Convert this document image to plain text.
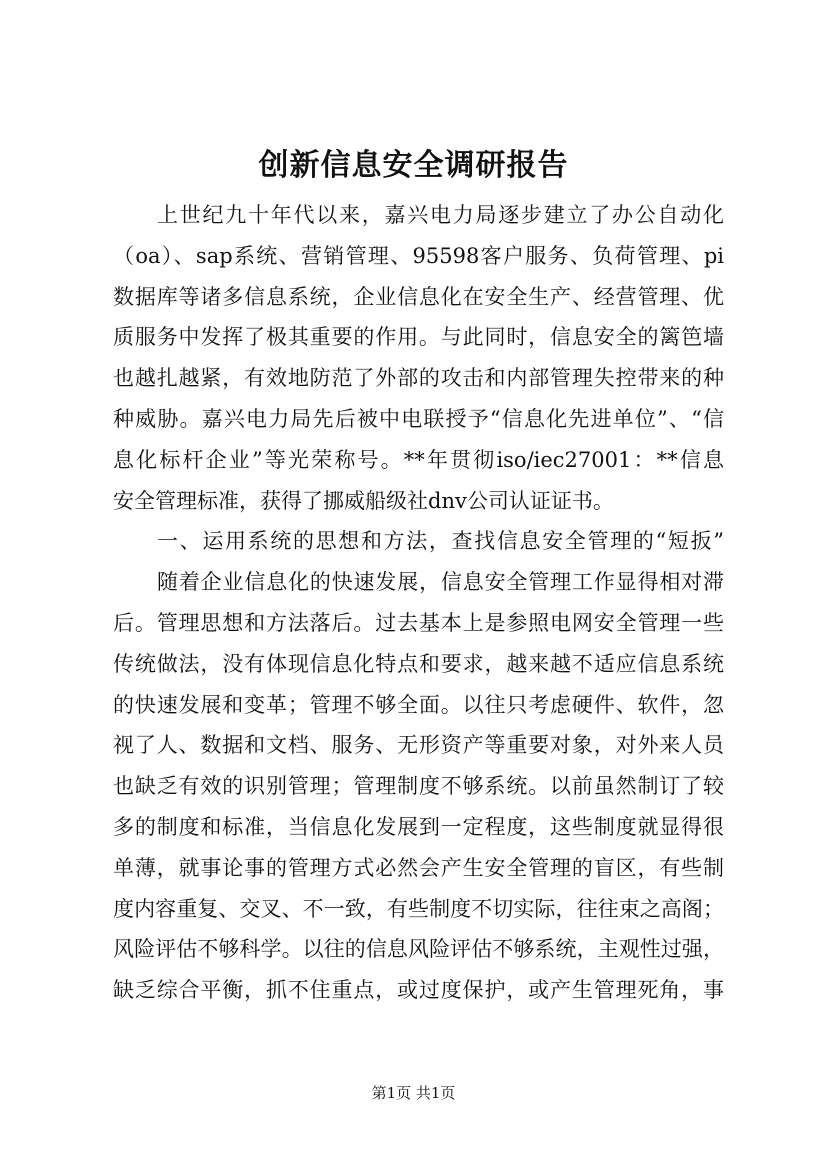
创新信息安全调研报告
上世纪九十年代以来，嘉兴电力局逐步建立了办公自动化
（oa）、sap系统、营销管理、95598客户服务、负荷管理、pi
数据库等诸多信息系统，企业信息化在安全生产、经营管理、优
质服务中发挥了极其重要的作用。与此同时，信息安全的篱笆墙
也越扎越紧，有效地防范了外部的攻击和内部管理失控带来的种
种威胁。嘉兴电力局先后被中电联授予“信息化先进单位”、“信
息化标杆企业”等光荣称号。**年贯彻iso/iec27001：**信息
安全管理标准，获得了挪威船级社dnv公司认证证书。
一、运用系统的思想和方法，查找信息安全管理的“短扳”
随着企业信息化的快速发展，信息安全管理工作显得相对滞
后。管理思想和方法落后。过去基本上是参照电网安全管理一些
传统做法，没有体现信息化特点和要求，越来越不适应信息系统
的快速发展和变革；管理不够全面。以往只考虑硬件、软件，忽
视了人、数据和文档、服务、无形资产等重要对象，对外来人员
也缺乏有效的识别管理；管理制度不够系统。以前虽然制订了较
多的制度和标准，当信息化发展到一定程度，这些制度就显得很
单薄，就事论事的管理方式必然会产生安全管理的盲区，有些制
度内容重复、交叉、不一致，有些制度不切实际，往往束之高阁；
风险评估不够科学。以往的信息风险评估不够系统，主观性过强，
缺乏综合平衡，抓不住重点，或过度保护，或产生管理死角，事
第1页 共1页
